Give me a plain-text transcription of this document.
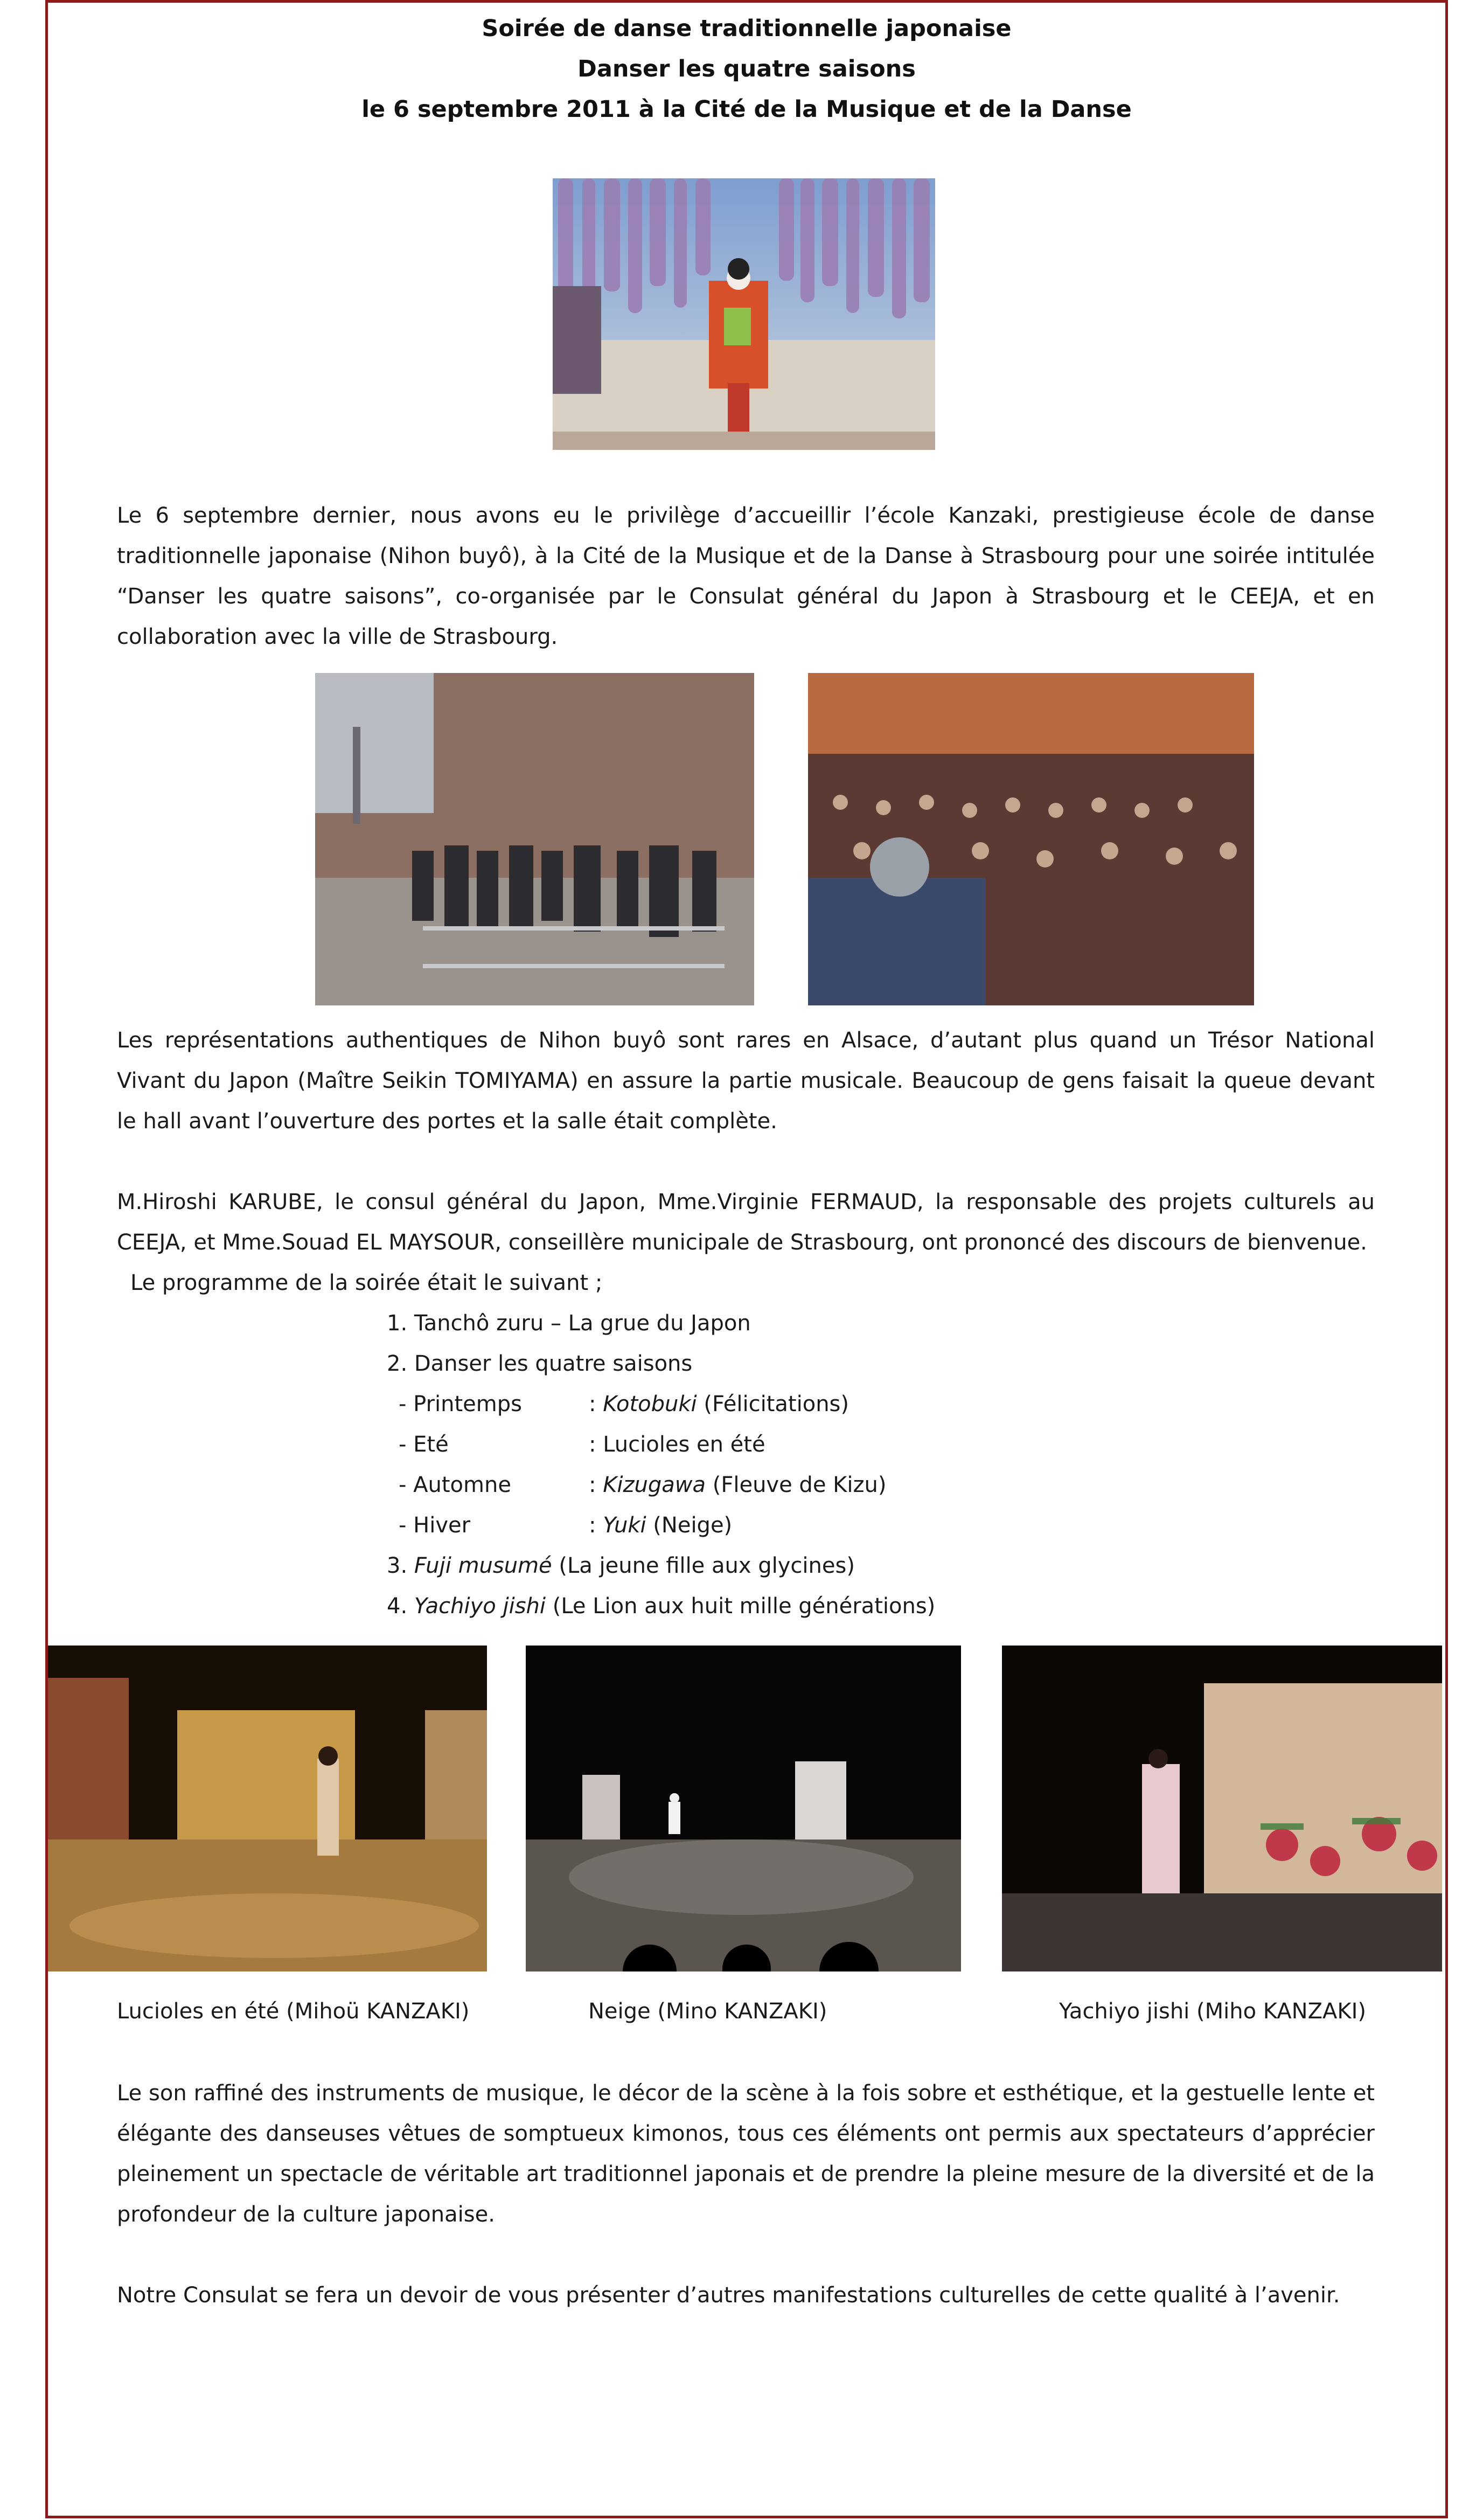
Soirée de danse traditionnelle japonaise
Danser les quatre saisons
le 6 septembre 2011 à la Cité de la Musique et de la Danse

Le 6 septembre dernier, nous avons eu le privilège d’accueillir l’école Kanzaki, prestigieuse école de danse traditionnelle japonaise (Nihon buyô), à la Cité de la Musique et de la Danse à Strasbourg pour une soirée intitulée “Danser les quatre saisons”, co-organisée par le Consulat général du Japon à Strasbourg et le CEEJA, et en collaboration avec la ville de Strasbourg.

Les représentations authentiques de Nihon buyô sont rares en Alsace, d’autant plus quand un Trésor National Vivant du Japon (Maître Seikin TOMIYAMA) en assure la partie musicale. Beaucoup de gens faisait la queue devant le hall avant l’ouverture des portes et la salle était complète.

M.Hiroshi KARUBE, le consul général du Japon, Mme.Virginie FERMAUD, la responsable des projets culturels au CEEJA, et Mme.Souad EL MAYSOUR, conseillère municipale de Strasbourg, ont prononcé des discours de bienvenue.

Le programme de la soirée était le suivant ;

1. Tanchô zuru – La grue du Japon

2. Danser les quatre saisons

- Printemps	: Kotobuki (Félicitations)

- Eté	: Lucioles en été

- Automne	: Kizugawa (Fleuve de Kizu)

- Hiver	: Yuki (Neige)

3. Fuji musumé (La jeune fille aux glycines)

4. Yachiyo jishi (Le Lion aux huit mille générations)

Lucioles en été (Mihoü KANZAKI)	Neige (Mino KANZAKI)	Yachiyo jishi (Miho KANZAKI)

Le son raffiné des instruments de musique, le décor de la scène à la fois sobre et esthétique, et la gestuelle lente et élégante des danseuses vêtues de somptueux kimonos, tous ces éléments ont permis aux spectateurs d’apprécier pleinement un spectacle de véritable art traditionnel japonais et de prendre la pleine mesure de la diversité et de la profondeur de la culture japonaise.

Notre Consulat se fera un devoir de vous présenter d’autres manifestations culturelles de cette qualité à l’avenir.
